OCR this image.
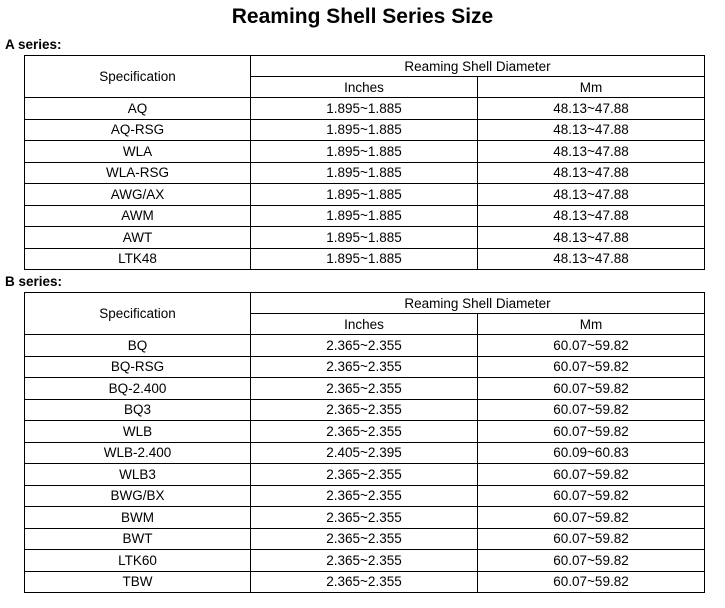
Reaming Shell Series Size
A series:
Specification	Reaming Shell Diameter	
	Inches	Mm
AQ	1.895~1.885	48.13~47.88
AQ-RSG	1.895~1.885	48.13~47.88
WLA	1.895~1.885	48.13~47.88
WLA-RSG	1.895~1.885	48.13~47.88
AWG/AX	1.895~1.885	48.13~47.88
AWM	1.895~1.885	48.13~47.88
AWT	1.895~1.885	48.13~47.88
LTK48	1.895~1.885	48.13~47.88
B series:
Specification	Reaming Shell Diameter	
	Inches	Mm
BQ	2.365~2.355	60.07~59.82
BQ-RSG	2.365~2.355	60.07~59.82
BQ-2.400	2.365~2.355	60.07~59.82
BQ3	2.365~2.355	60.07~59.82
WLB	2.365~2.355	60.07~59.82
WLB-2.400	2.405~2.395	60.09~60.83
WLB3	2.365~2.355	60.07~59.82
BWG/BX	2.365~2.355	60.07~59.82
BWM	2.365~2.355	60.07~59.82
BWT	2.365~2.355	60.07~59.82
LTK60	2.365~2.355	60.07~59.82
TBW	2.365~2.355	60.07~59.82
